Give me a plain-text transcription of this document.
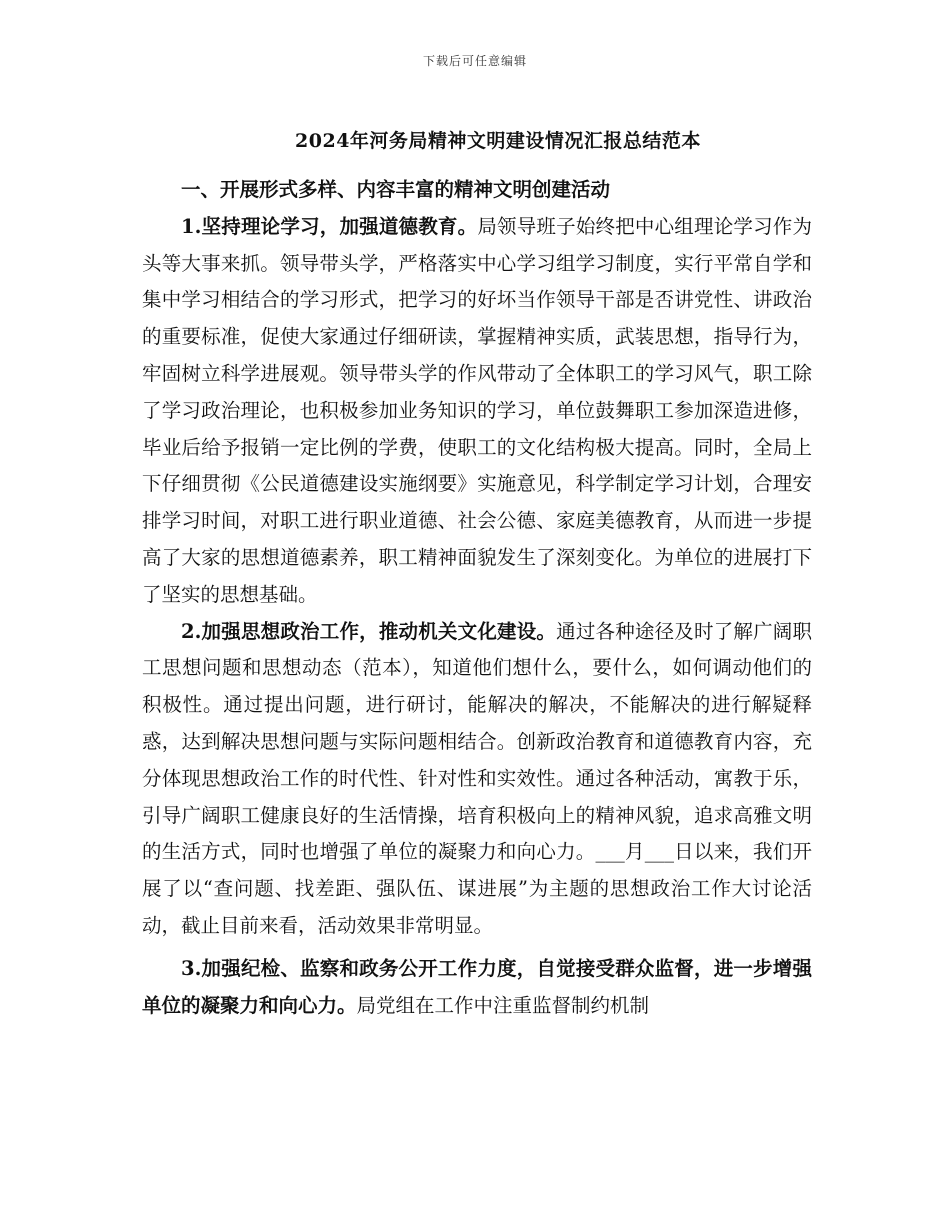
下载后可任意编辑
2024年河务局精神文明建设情况汇报总结范本

一、开展形式多样、内容丰富的精神文明创建活动

1.坚持理论学习，加强道德教育。局领导班子始终把中心组理论学习作为头等大事来抓。领导带头学，严格落实中心学习组学习制度，实行平常自学和集中学习相结合的学习形式，把学习的好坏当作领导干部是否讲党性、讲政治的重要标准，促使大家通过仔细研读，掌握精神实质，武装思想，指导行为，牢固树立科学进展观。领导带头学的作风带动了全体职工的学习风气，职工除了学习政治理论，也积极参加业务知识的学习，单位鼓舞职工参加深造进修，毕业后给予报销一定比例的学费，使职工的文化结构极大提高。同时，全局上下仔细贯彻《公民道德建设实施纲要》实施意见，科学制定学习计划，合理安排学习时间，对职工进行职业道德、社会公德、家庭美德教育，从而进一步提高了大家的思想道德素养，职工精神面貌发生了深刻变化。为单位的进展打下了坚实的思想基础。

2.加强思想政治工作，推动机关文化建设。通过各种途径及时了解广阔职工思想问题和思想动态（范本），知道他们想什么，要什么，如何调动他们的积极性。通过提出问题，进行研讨，能解决的解决，不能解决的进行解疑释惑，达到解决思想问题与实际问题相结合。创新政治教育和道德教育内容，充分体现思想政治工作的时代性、针对性和实效性。通过各种活动，寓教于乐，引导广阔职工健康良好的生活情操，培育积极向上的精神风貌，追求高雅文明的生活方式，同时也增强了单位的凝聚力和向心力。___月___日以来，我们开展了以“查问题、找差距、强队伍、谋进展”为主题的思想政治工作大讨论活动，截止目前来看，活动效果非常明显。

3.加强纪检、监察和政务公开工作力度，自觉接受群众监督，进一步增强单位的凝聚力和向心力。局党组在工作中注重监督制约机制
